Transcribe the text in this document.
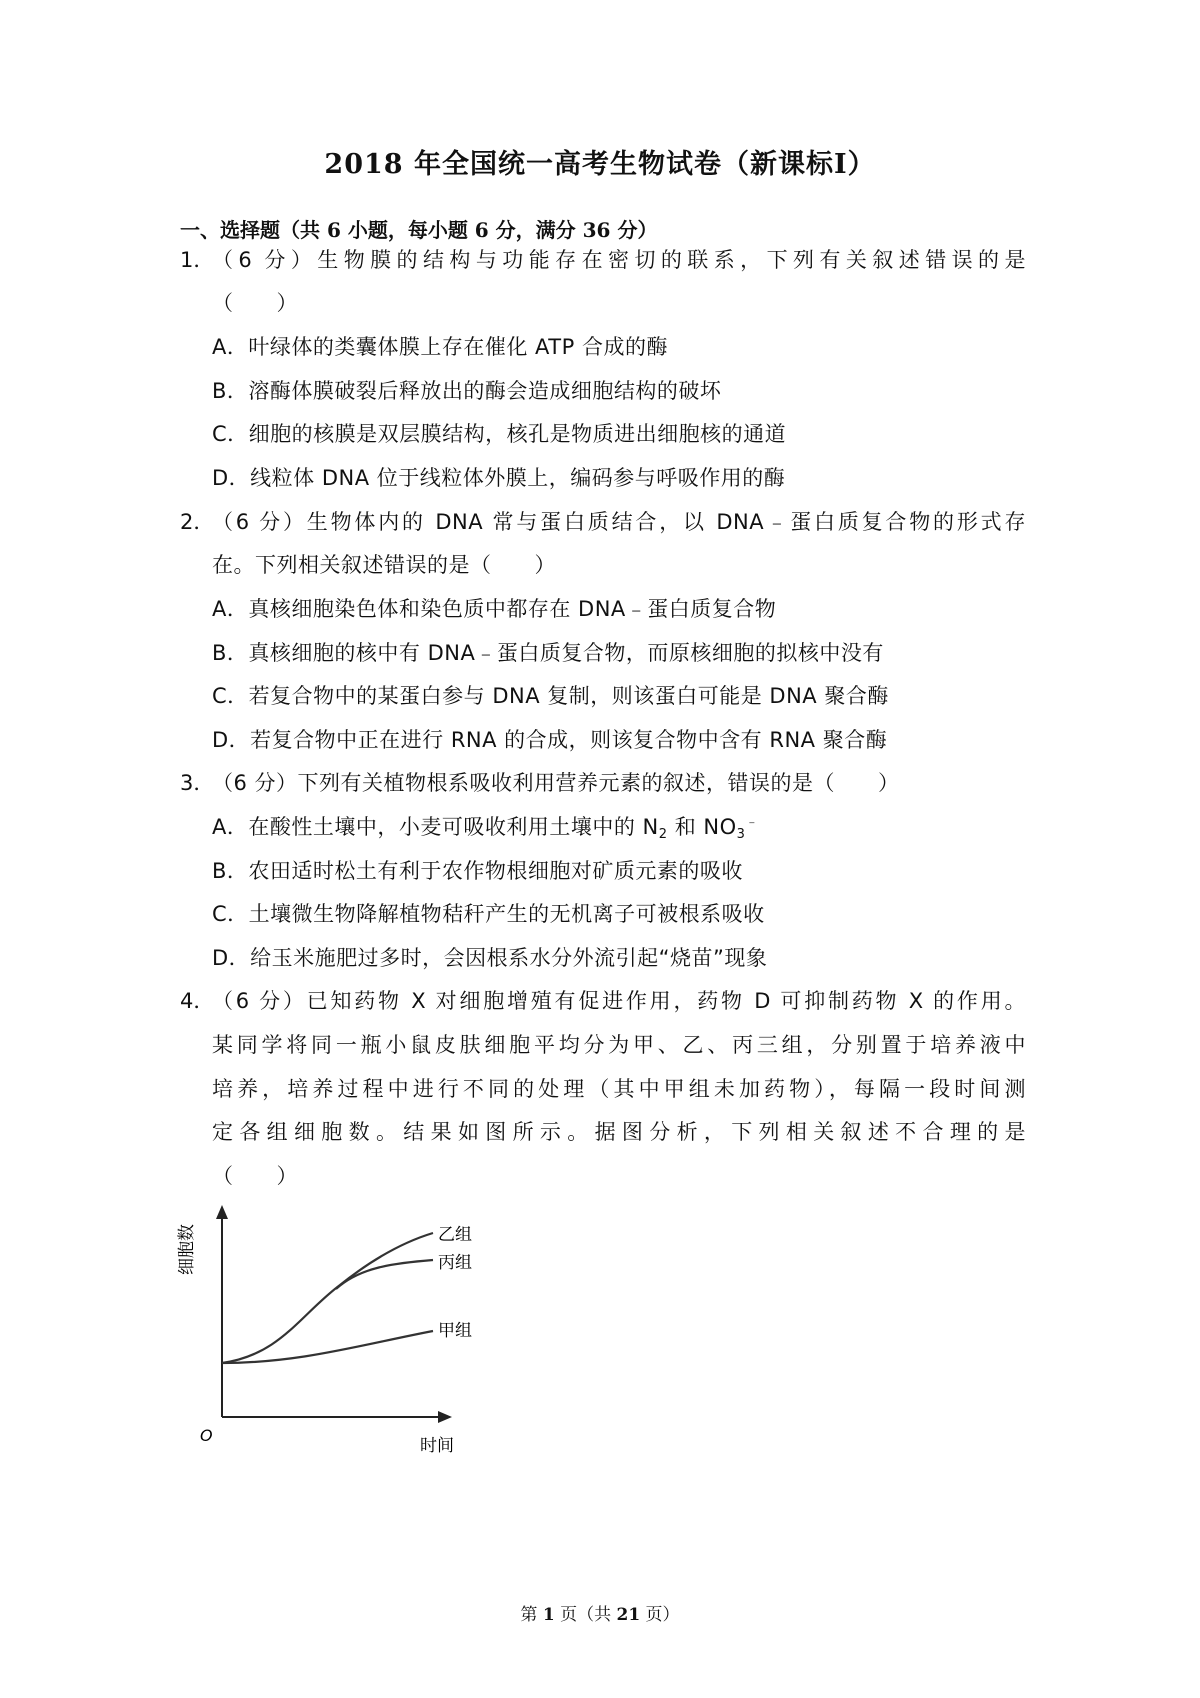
2018 年全国统一高考生物试卷（新课标Ⅰ）
一、选择题（共 6 小题，每小题 6 分，满分 36 分）
1．
（6 分）生物膜的结构与功能存在密切的联系，下列有关叙述错误的是
（　　）
A．叶绿体的类囊体膜上存在催化 ATP 合成的酶
B．溶酶体膜破裂后释放出的酶会造成细胞结构的破坏
C．细胞的核膜是双层膜结构，核孔是物质进出细胞核的通道
D．线粒体 DNA 位于线粒体外膜上，编码参与呼吸作用的酶
2．
（6 分）生物体内的 DNA 常与蛋白质结合，以 DNA﹣蛋白质复合物的形式存
在。下列相关叙述错误的是（　　）
A．真核细胞染色体和染色质中都存在 DNA﹣蛋白质复合物
B．真核细胞的核中有 DNA﹣蛋白质复合物，而原核细胞的拟核中没有
C．若复合物中的某蛋白参与 DNA 复制，则该蛋白可能是 DNA 聚合酶
D．若复合物中正在进行 RNA 的合成，则该复合物中含有 RNA 聚合酶
3．
（6 分）下列有关植物根系吸收利用营养元素的叙述，错误的是（　　）
A．在酸性土壤中，小麦可吸收利用土壤中的 $N_2$ 和 $NO_3^﹣$
B．农田适时松土有利于农作物根细胞对矿质元素的吸收
C．土壤微生物降解植物秸秆产生的无机离子可被根系吸收
D．给玉米施肥过多时，会因根系水分外流引起“烧苗”现象
4．
（6 分）已知药物 X 对细胞增殖有促进作用，药物 D 可抑制药物 X 的作用。
某同学将同一瓶小鼠皮肤细胞平均分为甲、乙、丙三组，分别置于培养液中
培养，培养过程中进行不同的处理（其中甲组未加药物），每隔一段时间测
定各组细胞数。结果如图所示。据图分析，下列相关叙述不合理的是
（　　）
细胞数
时间
O
乙组
丙组
甲组
第 1 页（共 21 页）
